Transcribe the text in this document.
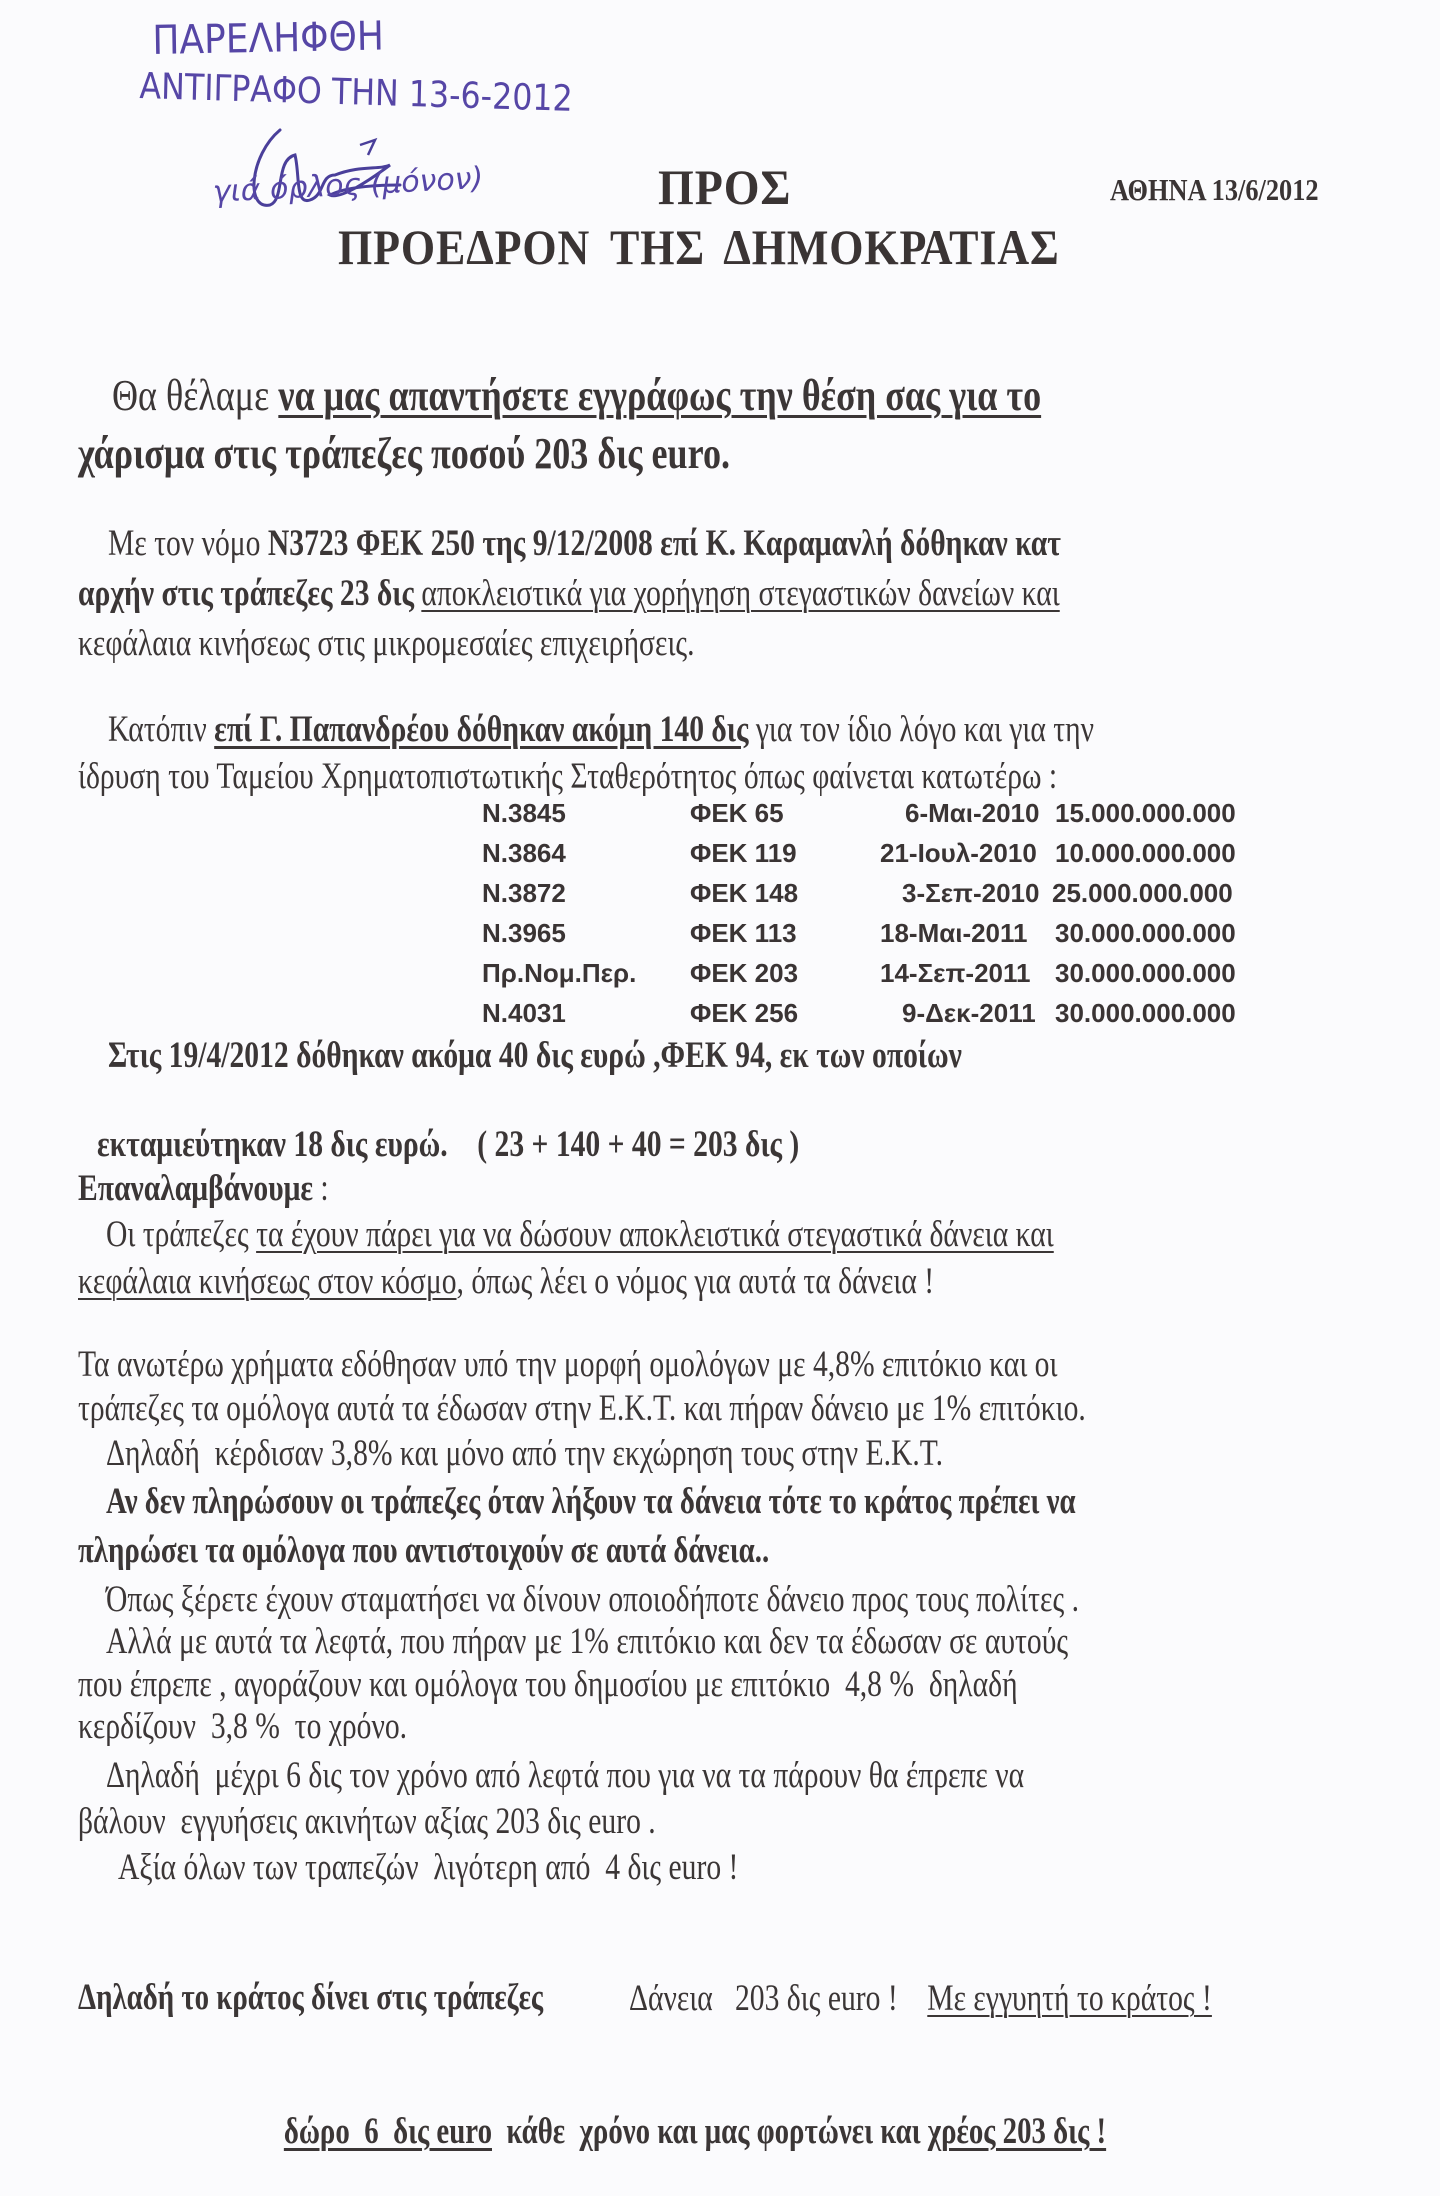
ΠΑΡΕΛΗΦΘΗ
ΑΝΤΙΓΡΑΦΟ ΤΗΝ 13-6-2012
γιά όρλος (μόνον)	ΠΡΟΣ	ΑΘΗΝΑ 13/6/2012
ΠΡΟΕΔΡΟΝ ΤΗΣ ΔΗΜΟΚΡΑΤΙΑΣ
Θα θέλαμε να μας απαντήσετε εγγράφως την θέση σας για το
χάρισμα στις τράπεζες ποσού 203 δις euro.
Με τον νόμο N3723 ΦΕΚ 250 της 9/12/2008 επί Κ. Καραμανλή δόθηκαν κατ
αρχήν στις τράπεζες 23 δις αποκλειστικά για χορήγηση στεγαστικών δανείων και
κεφάλαια κινήσεως στις μικρομεσαίες επιχειρήσεις.
Κατόπιν επί Γ. Παπανδρέου δόθηκαν ακόμη 140 δις για τον ίδιο λόγο και για την
ίδρυση του Ταμείου Χρηματοπιστωτικής Σταθερότητος όπως φαίνεται κατωτέρω :
N.3845	ΦΕΚ 65	6-Μαι-2010 15.000.000.000
N.3864	ΦΕΚ 119	21-Ιουλ-2010 10.000.000.000
N.3872	ΦΕΚ 148	3-Σεπ-2010 25.000.000.000
N.3965	ΦΕΚ 113	18-Μαι-2011 30.000.000.000
Πρ.Νομ.Περ. ΦΕΚ 203	14-Σεπ-2011 30.000.000.000
N.4031	ΦΕΚ 256	9-Δεκ-2011 30.000.000.000
Στις 19/4/2012 δόθηκαν ακόμα 40 δις ευρώ ,ΦΕΚ 94, εκ των οποίων

εκταμιεύτηκαν 18 δις ευρώ.    ( 23 + 140 + 40 = 203 δις )

Επαναλαμβάνουμε :
Οι τράπεζες τα έχουν πάρει για να δώσουν αποκλειστικά στεγαστικά δάνεια και
κεφάλαια κινήσεως στον κόσμο, όπως λέει ο νόμος για αυτά τα δάνεια !
Τα ανωτέρω χρήματα εδόθησαν υπό την μορφή ομολόγων με 4,8% επιτόκιο και οι
τράπεζες τα ομόλογα αυτά τα έδωσαν στην Ε.Κ.Τ. και πήραν δάνειο με 1% επιτόκιο.
Δηλαδή  κέρδισαν 3,8% και μόνο από την εκχώρηση τους στην Ε.Κ.Τ.
Αν δεν πληρώσουν οι τράπεζες όταν λήξουν τα δάνεια τότε το κράτος πρέπει να
πληρώσει τα ομόλογα που αντιστοιχούν σε αυτά δάνεια..
Όπως ξέρετε έχουν σταματήσει να δίνουν οποιοδήποτε δάνειο προς τους πολίτες .
Αλλά με αυτά τα λεφτά, που πήραν με 1% επιτόκιο και δεν τα έδωσαν σε αυτούς
που έπρεπε , αγοράζουν και ομόλογα του δημοσίου με επιτόκιο  4,8 %  δηλαδή
κερδίζουν  3,8 %  το χρόνο.
Δηλαδή  μέχρι 6 δις τον χρόνο από λεφτά που για να τα πάρουν θα έπρεπε να
βάλουν  εγγυήσεις ακινήτων αξίας 203 δις euro .
Αξία όλων των τραπεζών  λιγότερη από  4 δις euro !

Δάνεια   203 δις euro !    Με εγγυητή το κράτος !

Δηλαδή το κράτος δίνει στις τράπεζες

δώρο  6  δις euro  κάθε  χρόνο και μας φορτώνει και χρέος 203 δις !
